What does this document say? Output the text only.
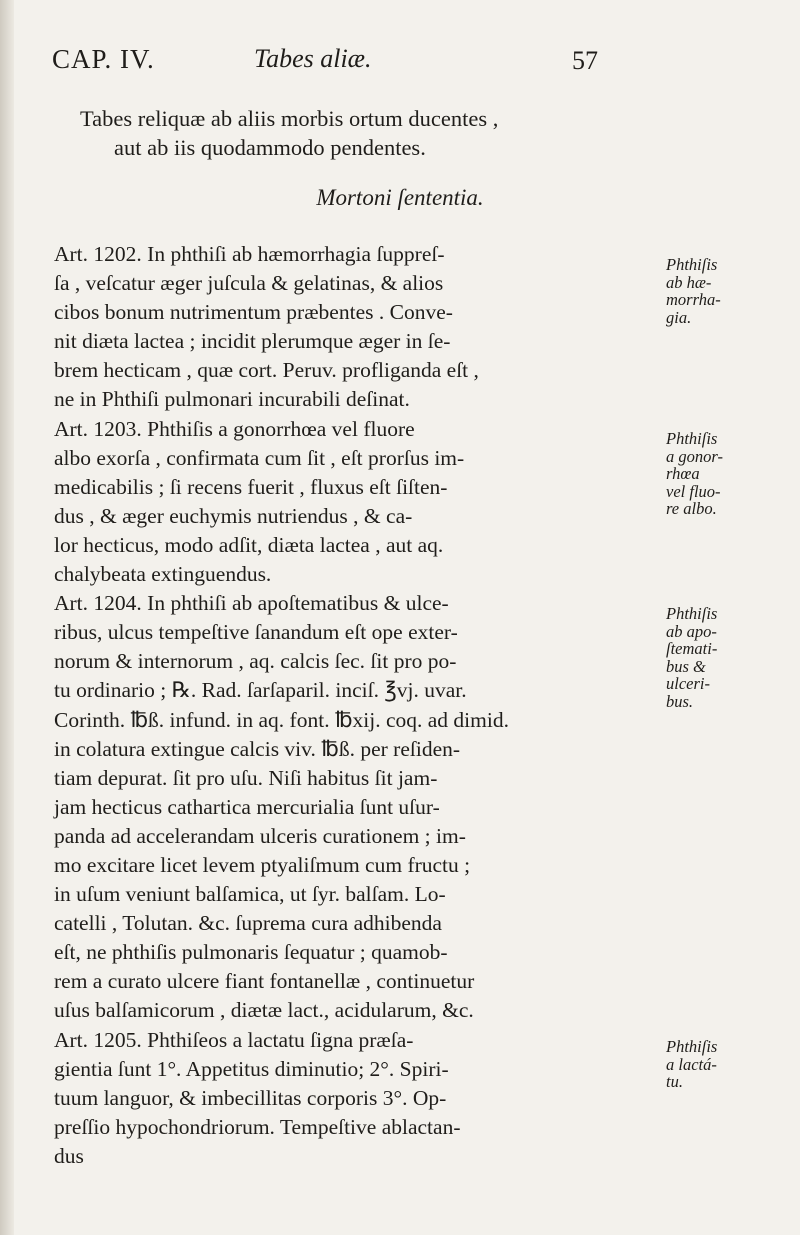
CAP. IV.	Tabes aliæ.	57
Tabes reliquæ ab aliis morbis ortum ducentes ,
aut ab iis quodammodo pendentes.
Mortoni ſententia.
Art. 1202. In phthiſi ab hæmorrhagia ſuppreſ-
ſa , veſcatur æger juſcula & gelatinas, & alios
cibos bonum nutrimentum præbentes . Conve-
nit diæta lactea ; incidit plerumque æger in ſe-
brem hecticam , quæ cort. Peruv. profliganda eſt ,
ne in Phthiſi pulmonari incurabili deſinat.
Art. 1203. Phthiſis a gonorrhœa vel fluore
albo exorſa , confirmata cum ſit , eſt prorſus im-
medicabilis ; ſi recens fuerit , fluxus eſt ſiſten-
dus , & æger euchymis nutriendus , & ca-
lor hecticus, modo adſit, diæta lactea , aut aq.
chalybeata extinguendus.
Art. 1204. In phthiſi ab apoſtematibus & ulce-
ribus, ulcus tempeſtive ſanandum eſt ope exter-
norum & internorum , aq. calcis ſec. ſit pro po-
tu ordinario ; ℞. Rad. ſarſaparil. inciſ. ℥vj. uvar.
Corinth. ℔ß. infund. in aq. font. ℔xij. coq. ad dimid.
in colatura extingue calcis viv. ℔ß. per reſiden-
tiam depurat. ſit pro uſu. Niſi habitus ſit jam-
jam hecticus cathartica mercurialia ſunt uſur-
panda ad accelerandam ulceris curationem ; im-
mo excitare licet levem ptyaliſmum cum fructu ;
in uſum veniunt balſamica, ut ſyr. balſam. Lo-
catelli , Tolutan. &c. ſuprema cura adhibenda
eſt, ne phthiſis pulmonaris ſequatur ; quamob-
rem a curato ulcere fiant fontanellæ , continuetur
uſus balſamicorum , diætæ lact., acidularum, &c.
Art. 1205. Phthiſeos a lactatu ſigna præſa-
gientia ſunt 1°. Appetitus diminutio; 2°. Spiri-
tuum languor, & imbecillitas corporis 3°. Op-
preſſio hypochondriorum. Tempeſtive ablactan-
dus
Phthiſis
ab hæ-
morrha-
gia.
Phthiſis
a gonor-
rhœa
vel fluo-
re albo.
Phthiſis
ab apo-
ſtemati-
bus &
ulceri-
bus.
Phthiſis
a lactá-
tu.
